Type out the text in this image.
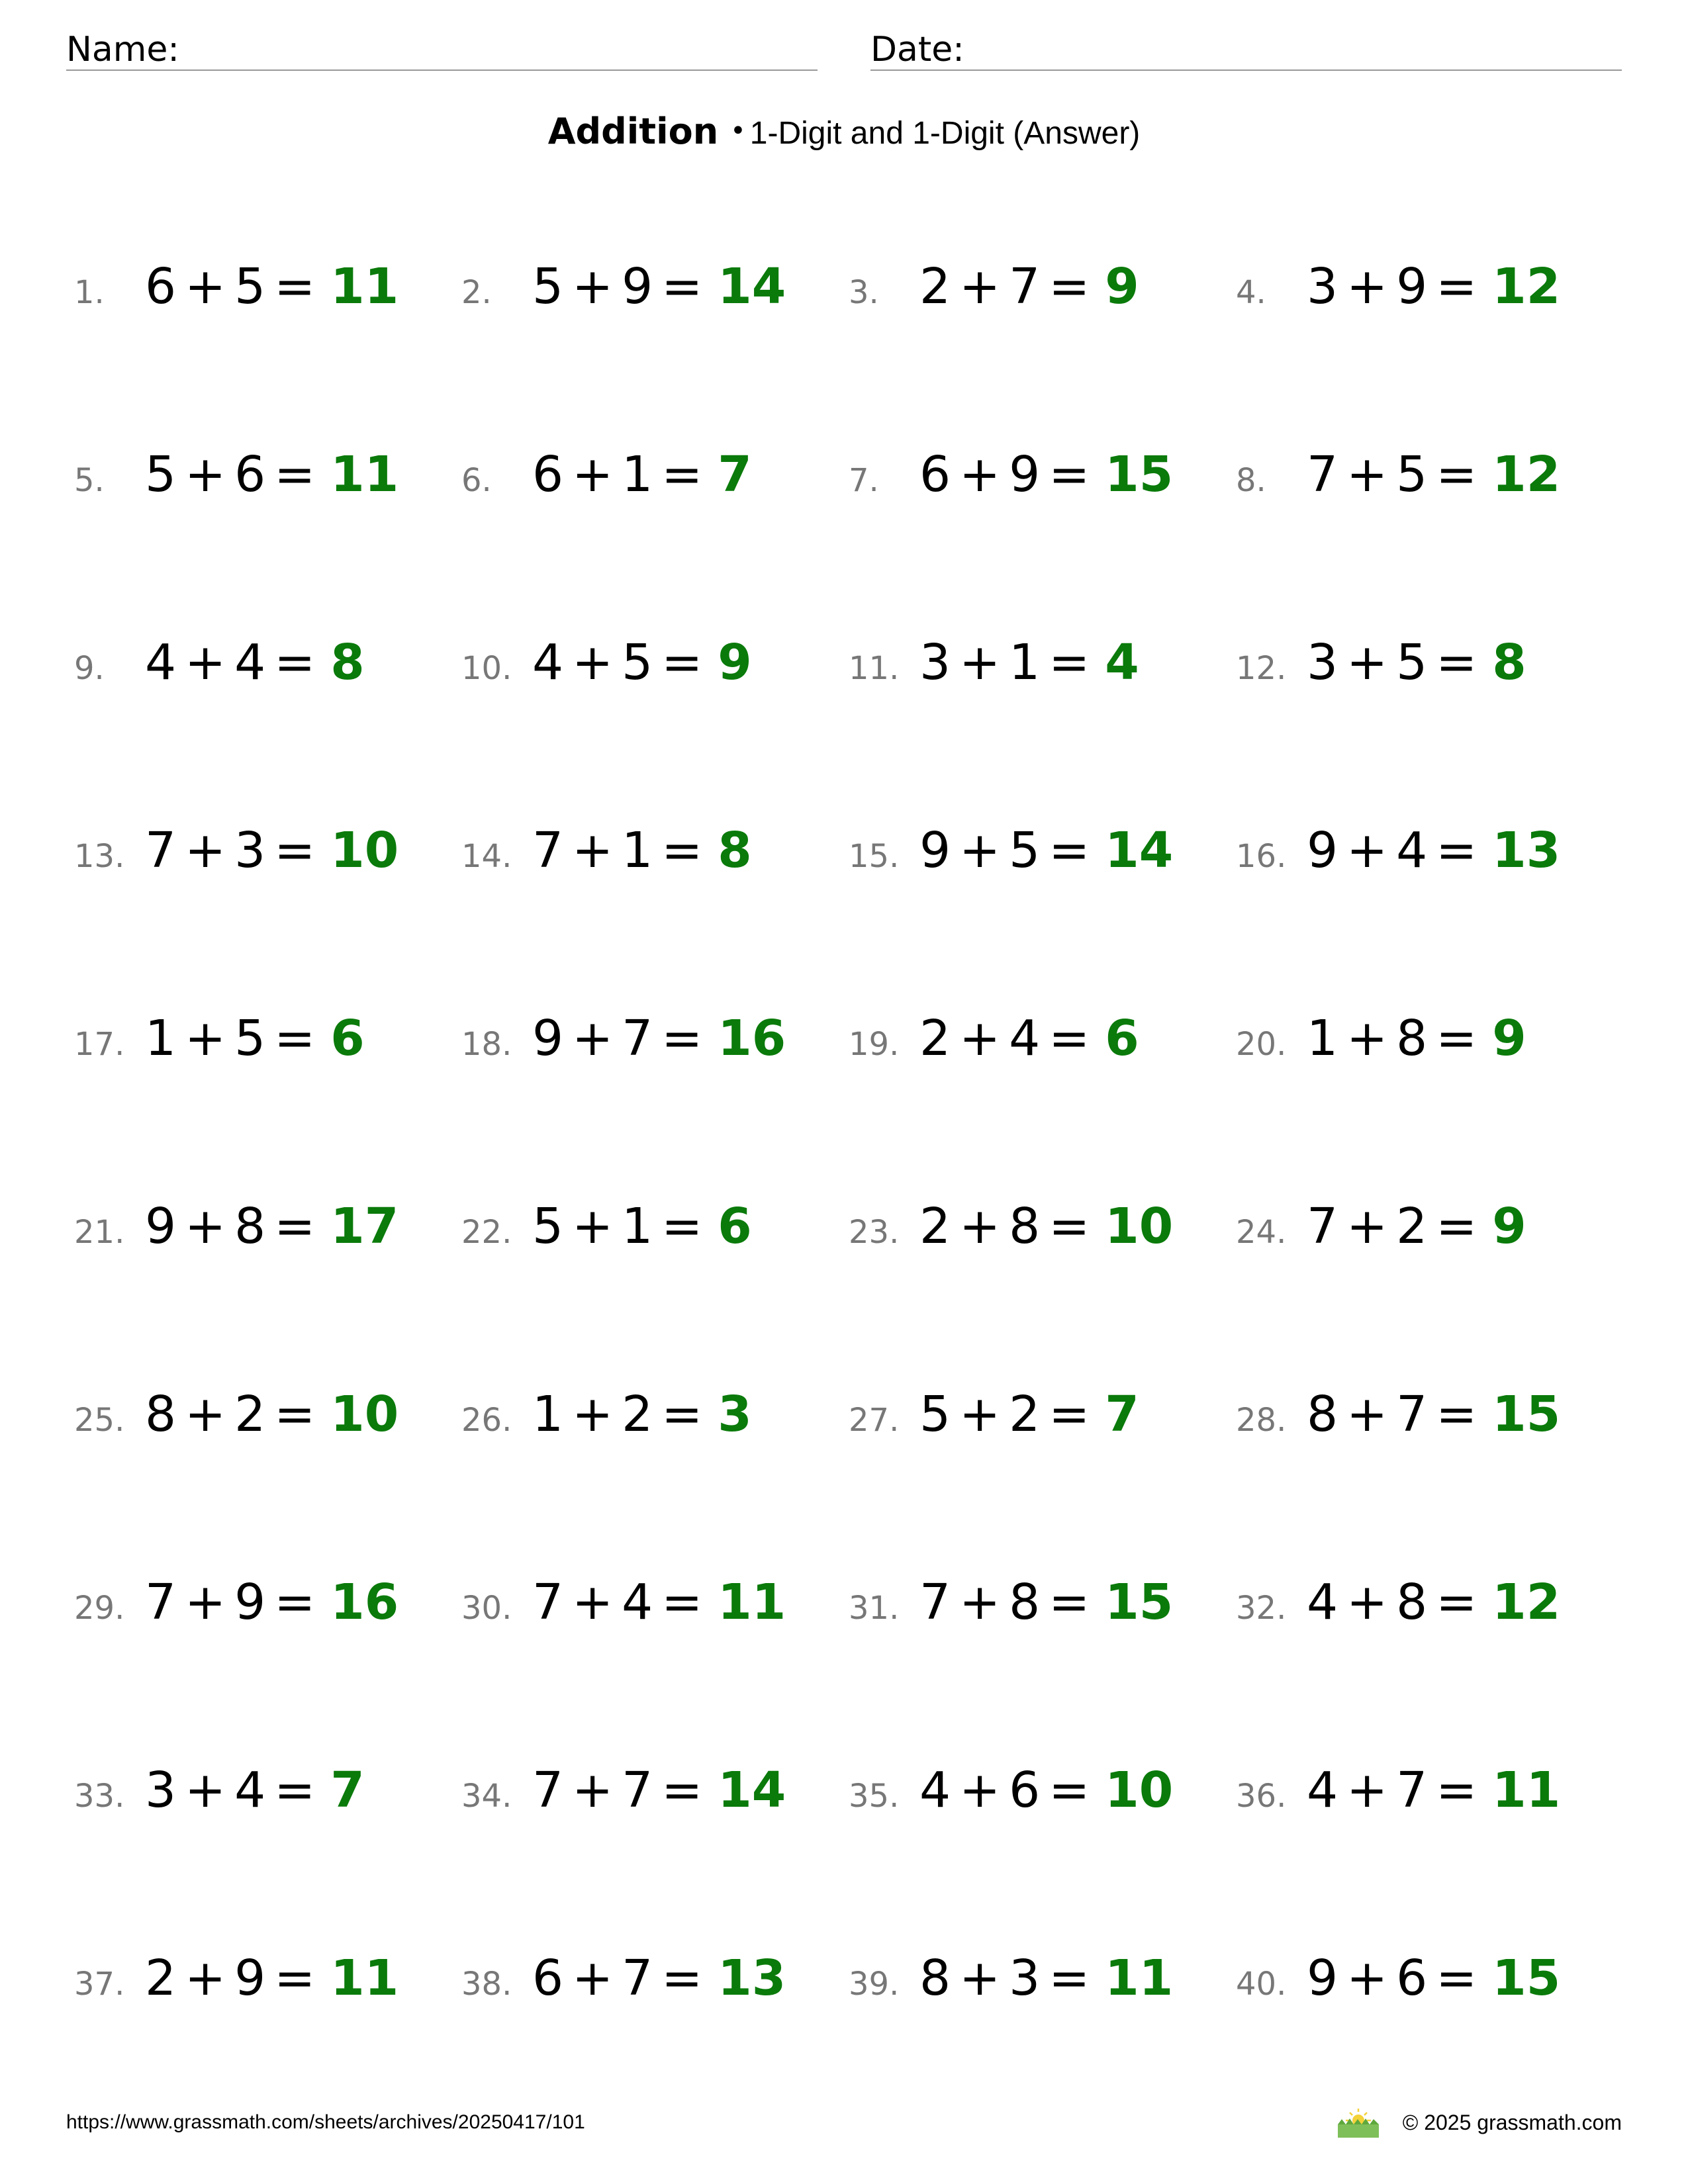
Name:	Date:
Addition • 1-Digit and 1-Digit (Answer)
1. 6 + 5 = 11 2. 5 + 9 = 14 3. 2 + 7 = 9	4. 3 + 9 = 12
5. 5 + 6 = 11 6. 6 + 1 = 7	7. 6 + 9 = 15 8. 7 + 5 = 12
9. 4 + 4 = 8	10. 4 + 5 = 9	11. 3 + 1 = 4	12. 3 + 5 = 8
13. 7 + 3 = 10 14. 7 + 1 = 8	15. 9 + 5 = 14 16. 9 + 4 = 13
17. 1 + 5 = 6	18. 9 + 7 = 16 19. 2 + 4 = 6	20. 1 + 8 = 9
21. 9 + 8 = 17 22. 5 + 1 = 6	23. 2 + 8 = 10 24. 7 + 2 = 9
25. 8 + 2 = 10 26. 1 + 2 = 3	27. 5 + 2 = 7	28. 8 + 7 = 15
29. 7 + 9 = 16 30. 7 + 4 = 11 31. 7 + 8 = 15 32. 4 + 8 = 12
33. 3 + 4 = 7	34. 7 + 7 = 14 35. 4 + 6 = 10 36. 4 + 7 = 11
37. 2 + 9 = 11 38. 6 + 7 = 13 39. 8 + 3 = 11 40. 9 + 6 = 15
https://www.grassmath.com/sheets/archives/20250417/101	© 2025 grassmath.com
